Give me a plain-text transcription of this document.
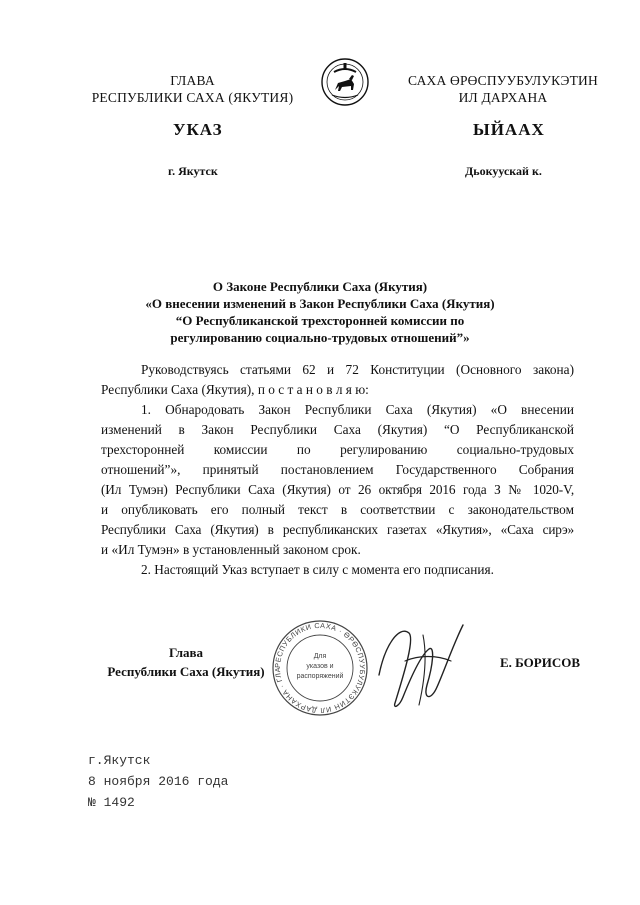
ГЛАВА
РЕСПУБЛИКИ САХА (ЯКУТИЯ)
САХА ӨРӨСПУУБУЛУКЭТИН
ИЛ ДАРХАНА
УКАЗ	ЫЙААХ
г. Якутск	Дьокуускай к.
О Законе Республики Саха (Якутия)
«О внесении изменений в Закон Республики Саха (Якутия)
“О Республиканской трехсторонней комиссии по
регулированию социально-трудовых отношений”»
Руководствуясь статьями 62 и 72 Конституции (Основного закона)
Республики Саха (Якутия), п о с т а н о в л я ю:
1. Обнародовать Закон Республики Саха (Якутия) «О внесении
изменений в Закон Республики Саха (Якутия) “О Республиканской
трехсторонней комиссии по регулированию социально-трудовых
отношений”», принятый постановлением Государственного Собрания
(Ил Тумэн) Республики Саха (Якутия) от 26 октября 2016 года З № 1020-V,
и опубликовать его полный текст в соответствии с законодательством
Республики Саха (Якутия) в республиканских газетах «Якутия», «Саха сирэ»
и «Ил Тумэн» в установленный законом срок.
2. Настоящий Указ вступает в силу с момента его подписания.
Глава
Республики Саха (Якутия)	РЕСПУБЛИКИ САХА · ӨРӨСПУУБУЛУКЭТИН ИЛ ДАРХАНА · ГЛА
Для
указов и
распоряжений
Е. БОРИСОВ
г.Якутск
8 ноября 2016 года
№ 1492
